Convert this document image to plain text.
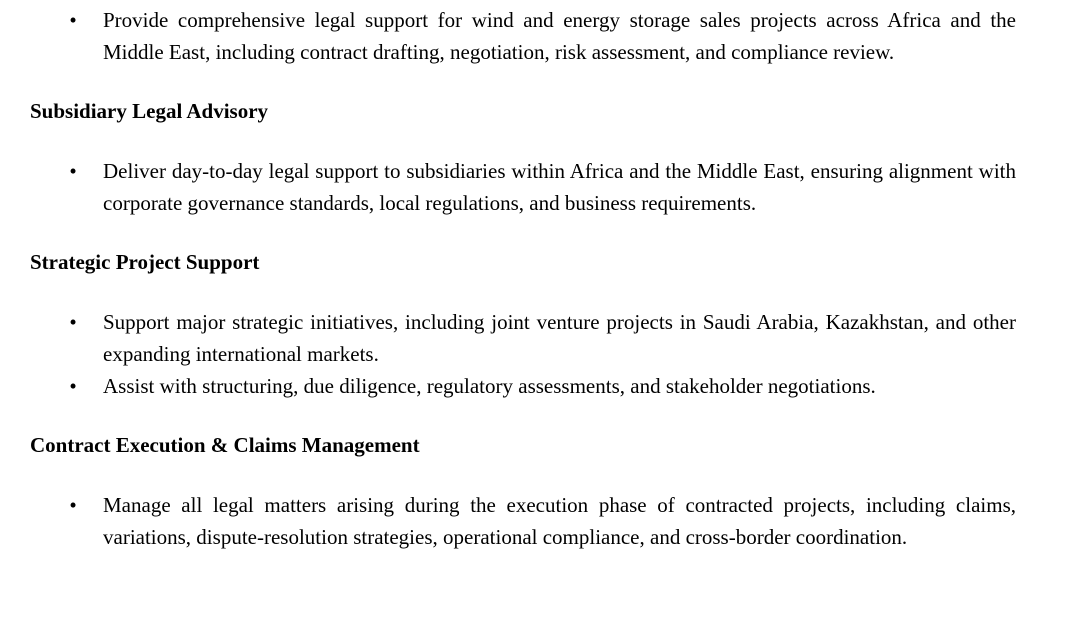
• Provide comprehensive legal support for wind and energy storage sales projects across Africa and the Middle East, including contract drafting, negotiation, risk assessment, and compliance review.
Subsidiary Legal Advisory
• Deliver day-to-day legal support to subsidiaries within Africa and the Middle East, ensuring alignment with corporate governance standards, local regulations, and business requirements.
Strategic Project Support
• Support major strategic initiatives, including joint venture projects in Saudi Arabia, Kazakhstan, and other expanding international markets.
• Assist with structuring, due diligence, regulatory assessments, and stakeholder negotiations.
Contract Execution & Claims Management
• Manage all legal matters arising during the execution phase of contracted projects, including claims, variations, dispute-resolution strategies, operational compliance, and cross-border coordination.
